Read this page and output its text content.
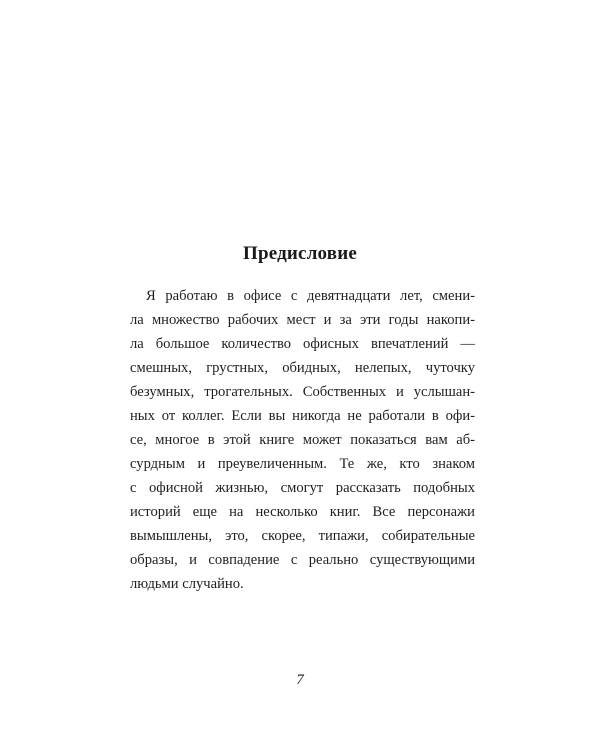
Предисловие
Я работаю в офисе с девятнадцати лет, смени-
ла множество рабочих мест и за эти годы накопи-
ла большое количество офисных впечатлений —
смешных, грустных, обидных, нелепых, чуточку
безумных, трогательных. Собственных и услышан-
ных от коллег. Если вы никогда не работали в офи-
се, многое в этой книге может показаться вам аб-
сурдным и преувеличенным. Те же, кто знаком
с офисной жизнью, смогут рассказать подобных
историй еще на несколько книг. Все персонажи
вымышлены, это, скорее, типажи, собирательные
образы, и совпадение с реально существующими
людьми случайно.
7
